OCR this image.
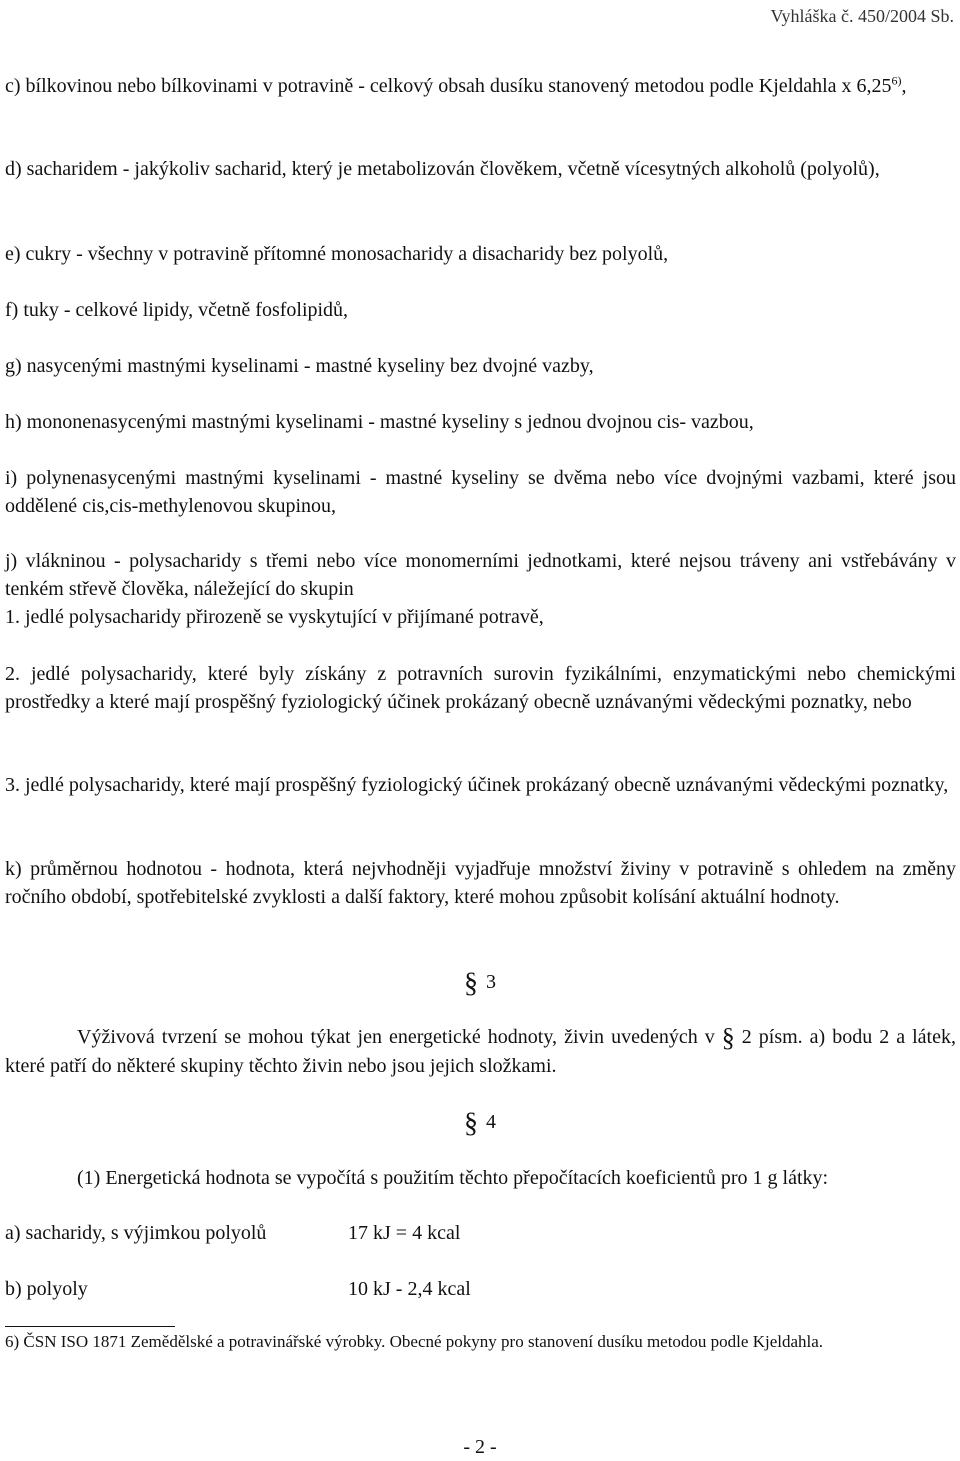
Vyhláška č. 450/2004 Sb.

c) bílkovinou nebo bílkovinami v potravině - celkový obsah dusíku stanovený metodou podle Kjeldahla x 6,25$^{6)}$,

d) sacharidem - jakýkoliv sacharid, který je metabolizován člověkem, včetně vícesytných alkoholů (polyolů),

e) cukry - všechny v potravině přítomné monosacharidy a disacharidy bez polyolů,

f) tuky - celkové lipidy, včetně fosfolipidů,

g) nasycenými mastnými kyselinami - mastné kyseliny bez dvojné vazby,

h) mononenasycenými mastnými kyselinami - mastné kyseliny s jednou dvojnou cis- vazbou,

i) polynenasycenými mastnými kyselinami - mastné kyseliny se dvěma nebo více dvojnými vazbami, které jsou oddělené cis,cis-methylenovou skupinou,

j) vlákninou - polysacharidy s třemi nebo více monomerními jednotkami, které nejsou tráveny ani vstřebávány v tenkém střevě člověka, náležející do skupin

1. jedlé polysacharidy přirozeně se vyskytující v přijímané potravě,

2. jedlé polysacharidy, které byly získány z potravních surovin fyzikálními, enzymatickými nebo chemickými prostředky a které mají prospěšný fyziologický účinek prokázaný obecně uznávanými vědeckými poznatky, nebo

3. jedlé polysacharidy, které mají prospěšný fyziologický účinek prokázaný obecně uznávanými vědeckými poznatky,

k) průměrnou hodnotou - hodnota, která nejvhodněji vyjadřuje množství živiny v potravině s ohledem na změny ročního období, spotřebitelské zvyklosti a další faktory, které mohou způsobit kolísání aktuální hodnoty.

§ 3

Výživová tvrzení se mohou týkat jen energetické hodnoty, živin uvedených v § 2 písm. a) bodu 2 a látek, které patří do některé skupiny těchto živin nebo jsou jejich složkami.

§ 4

(1) Energetická hodnota se vypočítá s použitím těchto přepočítacích koeficientů pro 1 g látky:

a) sacharidy, s výjimkou polyolů	17 kJ = 4 kcal
b) polyoly	10 kJ - 2,4 kcal

6) ČSN ISO 1871 Zemědělské a potravinářské výrobky. Obecné pokyny pro stanovení dusíku metodou podle Kjeldahla.

- 2 -
